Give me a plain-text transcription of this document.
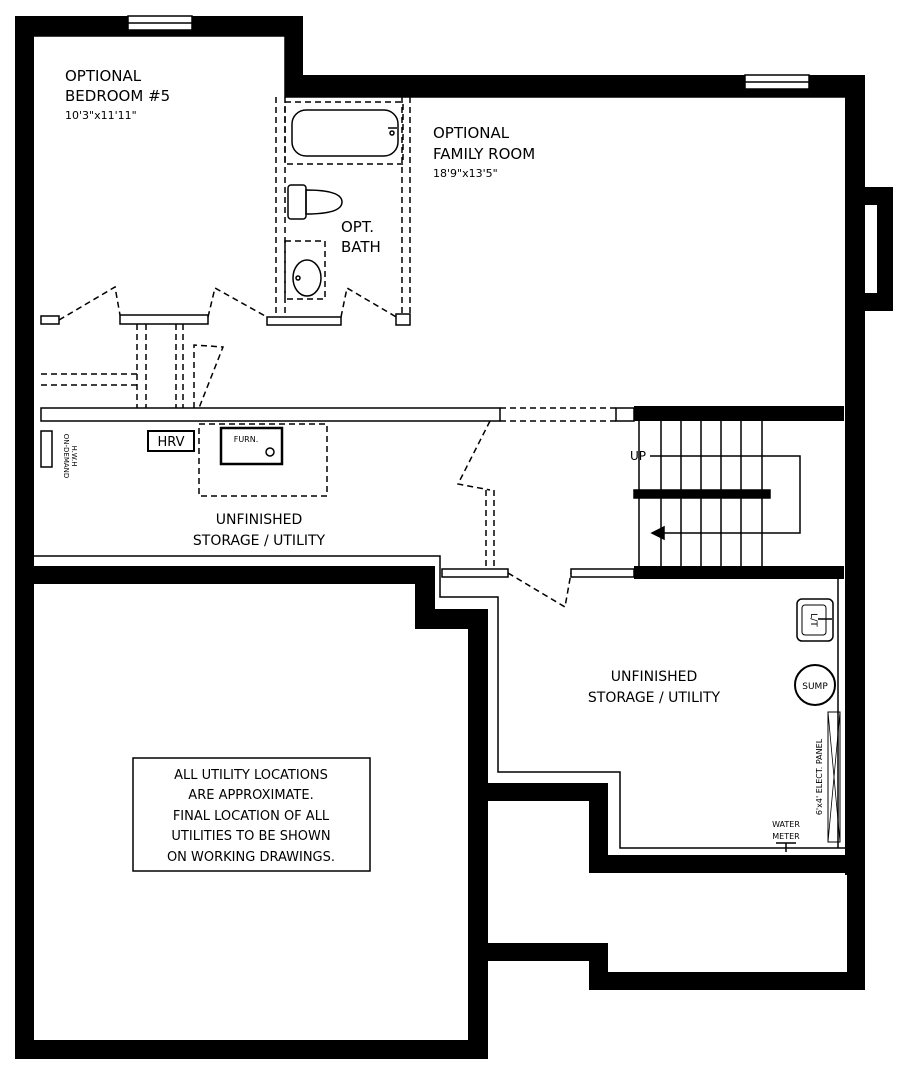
HRV	FURN.
ON-DEMAND H.W.H	UP
L/T
SUMP
6'x4' ELECT. PANEL
WATER
METER
OPTIONAL
BEDROOM #5
10'3"x11'11"
OPTIONAL
FAMILY ROOM
18'9"x13'5"
OPT.
BATH
UNFINISHED
STORAGE / UTILITY
UNFINISHED
STORAGE / UTILITY
ALL UTILITY LOCATIONS
ARE APPROXIMATE.
FINAL LOCATION OF ALL
UTILITIES TO BE SHOWN
ON WORKING DRAWINGS.
